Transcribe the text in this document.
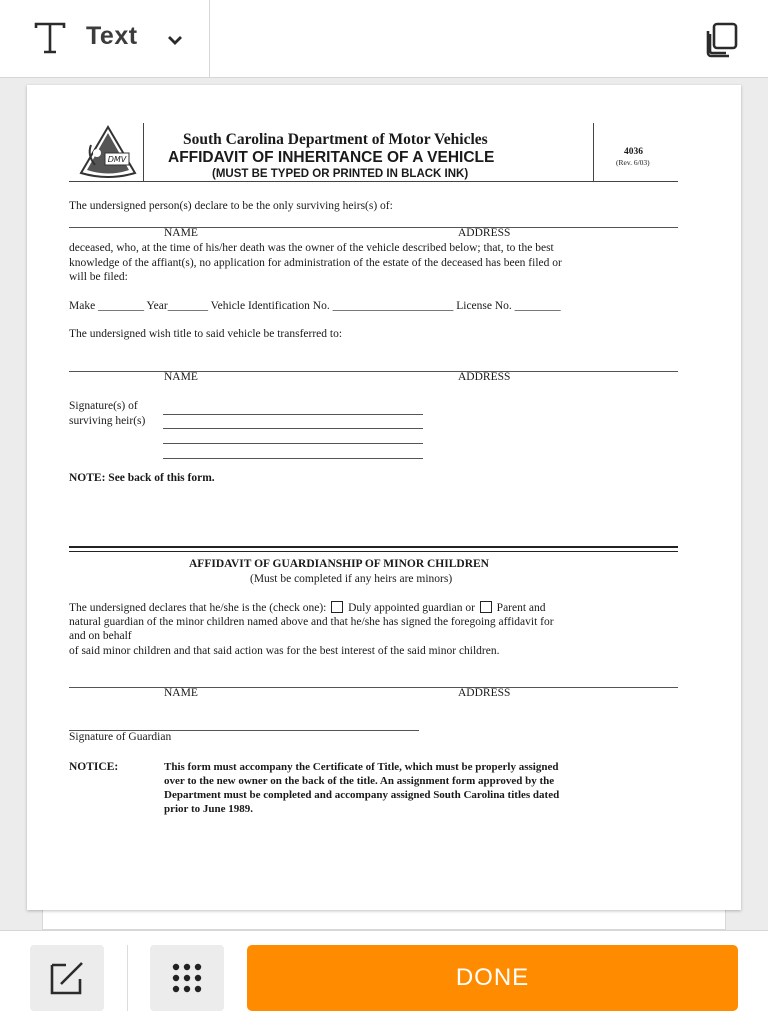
Text
DMV
South Carolina Department of Motor Vehicles
AFFIDAVIT OF INHERITANCE OF A VEHICLE
(MUST BE TYPED OR PRINTED IN BLACK INK)
4036
(Rev. 6/03)
The undersigned person(s) declare to be the only surviving heirs(s) of:
NAME	ADDRESS
deceased, who, at the time of his/her death was the owner of the vehicle described below; that, to the best
knowledge of the affiant(s), no application for administration of the estate of the deceased has been filed or
will be filed:
Make ________ Year_______ Vehicle Identification No. _____________________ License No. ________
The undersigned wish title to said vehicle be transferred to:
NAME	ADDRESS
Signature(s) of
surviving heir(s)
NOTE: See back of this form.
AFFIDAVIT OF GUARDIANSHIP OF MINOR CHILDREN
(Must be completed if any heirs are minors)
The undersigned declares that he/she is the (check one): Duly appointed guardian or Parent and
natural guardian of the minor children named above and that he/she has signed the foregoing affidavit for
and on behalf
of said minor children and that said action was for the best interest of the said minor children.
NAME	ADDRESS
Signature of Guardian
NOTICE:	This form must accompany the Certificate of Title, which must be properly assigned
over to the new owner on the back of the title. An assignment form approved by the
Department must be completed and accompany assigned South Carolina titles dated
prior to June 1989.
DONE
